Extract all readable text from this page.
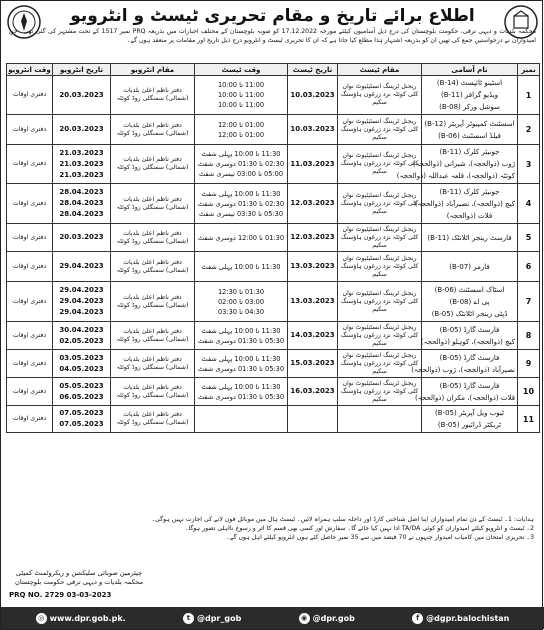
اطلاع برائے تاریخ و مقام تحریری ٹیسٹ و انٹرویو
محکمہ بلدیات و دیہی ترقی، حکومت بلوچستان کی درج ذیل آسامیوں کیلئے مورخہ 17.12.2022 کو صوبہ بلوچستان کے مختلف اخبارات میں بذریعہ PRQ نمبر 1517 کے تحت مشتہر کی گئی تھی۔ جن امیدواران نے درخواستیں جمع کی تھیں ان کو بذریعہ اشتہار ہٰذا مطلع کیا جاتا ہے کہ ان کا تحریری ٹیسٹ و انٹرویو درج ذیل تاریخ اور مقامات پر منعقد ہوں گے۔
نمبر	نام آسامی	مقام ٹیسٹ	تاریخ ٹیسٹ	وقت ٹیسٹ	مقام انٹرویو	تاریخ انٹرویو	وقت انٹرویو
1	اسٹینو ٹائپسٹ (B-14)
ویڈیو گرافر (B-11)
سوشل ورکر (B-08)	ریجنل ٹریننگ انسٹیٹیوٹ نواں کلی کوئٹہ نزد زرغون ہاؤسنگ سکیم	10.03.2023	11:00 تا 10:00
11:00 تا 10:00
11:00 تا 10:00	دفتر ناظم اعلیٰ بلدیات (شمالی) سمنگلی روڈ کوئٹہ	20.03.2023	دفتری اوقات
2	اسسٹنٹ کمپیوٹر آپریٹر (B-12)
فیلڈ اسسٹنٹ (B-06)	ریجنل ٹریننگ انسٹیٹیوٹ نواں کلی کوئٹہ نزد زرغون ہاؤسنگ سکیم	10.03.2023	01:00 تا 12:00
01:00 تا 12:00	دفتر ناظم اعلیٰ بلدیات (شمالی) سمنگلی روڈ کوئٹہ	20.03.2023	دفتری اوقات
3	جونیئر کلرک (B-11)
ژوب (ذوالحجہ)، شیرانی (ذوالحجہ)
کوئٹہ (ذوالحجہ)، قلعہ عبداللہ (ذوالحجہ)	ریجنل ٹریننگ انسٹیٹیوٹ نواں کلی کوئٹہ نزد زرغون ہاؤسنگ سکیم	11.03.2023	11:30 تا 10:00 پہلی شفٹ
02:30 تا 01:30 دوسری شفٹ
05:00 تا 03:00 تیسری شفٹ	دفتر ناظم اعلیٰ بلدیات (شمالی) سمنگلی روڈ کوئٹہ	21.03.2023
21.03.2023
21.03.2023	دفتری اوقات
4	جونیئر کلرک (B-11)
کیچ (ذوالحجہ)، نصیرآباد (ذوالحجہ)
قلات (ذوالحجہ)	ریجنل ٹریننگ انسٹیٹیوٹ نواں کلی کوئٹہ نزد زرغون ہاؤسنگ سکیم	12.03.2023	11:30 تا 10:00 پہلی شفٹ
02:30 تا 01:30 دوسری شفٹ
05:30 تا 03:30 تیسری شفٹ	دفتر ناظم اعلیٰ بلدیات (شمالی) سمنگلی روڈ کوئٹہ	28.04.2023
28.04.2023
28.04.2023	دفتری اوقات
5	فارسٹ رینجر اٹلانٹک (B-11)	ریجنل ٹریننگ انسٹیٹیوٹ نواں کلی کوئٹہ نزد زرغون ہاؤسنگ سکیم	12.03.2023	01:30 تا 12:00 دوسری شفٹ	دفتر ناظم اعلیٰ بلدیات (شمالی) سمنگلی روڈ کوئٹہ	20.03.2023	دفتری اوقات
6	فارمر (B-07)	ریجنل ٹریننگ انسٹیٹیوٹ نواں کلی کوئٹہ نزد زرغون ہاؤسنگ سکیم	13.03.2023	11:30 تا 10:00 پہلی شفٹ	دفتر ناظم اعلیٰ بلدیات (شمالی) سمنگلی روڈ کوئٹہ	29.04.2023	دفتری اوقات
7	اسٹاک اسسٹنٹ (B-06)
پی اے (B-08)
ڈپٹی رینجر اٹلانٹک (B-05)	ریجنل ٹریننگ انسٹیٹیوٹ نواں کلی کوئٹہ نزد زرغون ہاؤسنگ سکیم	13.03.2023	01:30 تا 12:30
03:00 تا 02:00
04:30 تا 03:30	دفتر ناظم اعلیٰ بلدیات (شمالی) سمنگلی روڈ کوئٹہ	29.04.2023
29.04.2023
29.04.2023	دفتری اوقات
8	فارسٹ گارڈ (B-05)
کیچ (ذوالحجہ)، کوہلو (ذوالحجہ)	ریجنل ٹریننگ انسٹیٹیوٹ نواں کلی کوئٹہ نزد زرغون ہاؤسنگ سکیم	14.03.2023	11:30 تا 10:00 پہلی شفٹ
05:30 تا 01:30 دوسری شفٹ	دفتر ناظم اعلیٰ بلدیات (شمالی) سمنگلی روڈ کوئٹہ	30.04.2023
02.05.2023	دفتری اوقات
9	فارسٹ گارڈ (B-05)
نصیرآباد (ذوالحجہ)، ژوب (ذوالحجہ)	ریجنل ٹریننگ انسٹیٹیوٹ نواں کلی کوئٹہ نزد زرغون ہاؤسنگ سکیم	15.03.2023	11:30 تا 10:00 پہلی شفٹ
05:30 تا 01:30 دوسری شفٹ	دفتر ناظم اعلیٰ بلدیات (شمالی) سمنگلی روڈ کوئٹہ	03.05.2023
04.05.2023	دفتری اوقات
10	فارسٹ گارڈ (B-05)
قلات (ذوالحجہ)، مکران (ذوالحجہ)	ریجنل ٹریننگ انسٹیٹیوٹ نواں کلی کوئٹہ نزد زرغون ہاؤسنگ سکیم	16.03.2023	11:30 تا 10:00 پہلی شفٹ
05:30 تا 01:30 دوسری شفٹ	دفتر ناظم اعلیٰ بلدیات (شمالی) سمنگلی روڈ کوئٹہ	05.05.2023
06.05.2023	دفتری اوقات
11	ٹیوب ویل آپریٹر (B-05)
ٹریکٹر ڈرائیور (B-05)				دفتر ناظم اعلیٰ بلدیات (شمالی) سمنگلی روڈ کوئٹہ	07.05.2023
07.05.2023	دفتری اوقات
ہدایات: 1۔ ٹیسٹ کے دن تمام امیدواران اپنا اصل شناختی کارڈ اور داخلہ سلپ ہمراہ لائیں۔ ٹیسٹ ہال میں موبائل فون لانے کی اجازت نہیں ہوگی۔
2۔ ٹیسٹ و انٹرویو کیلئے امیدواران کو کوئی TA/DA ادا نہیں کیا جائے گا۔ سفارش اور کسی بھی قسم کا اثر و رسوخ نااہلی تصور ہوگا۔
3۔ تحریری امتحان میں کامیاب امیدوار جنہوں نے 70 فیصد میں سے 35 نمبر حاصل کئے ہوں انٹرویو کیلئے اہل ہوں گے۔
چیئرمین صوبائی سلیکشن و ریکروٹمنٹ کمیٹی
محکمہ بلدیات و دیہی ترقی حکومت بلوچستان
PRQ NO. 2729 03-03-2023
◎ www.dpr.gob.pk.	t @dpr_gob	◉ @dpr.gob	f @dgpr.balochistan
